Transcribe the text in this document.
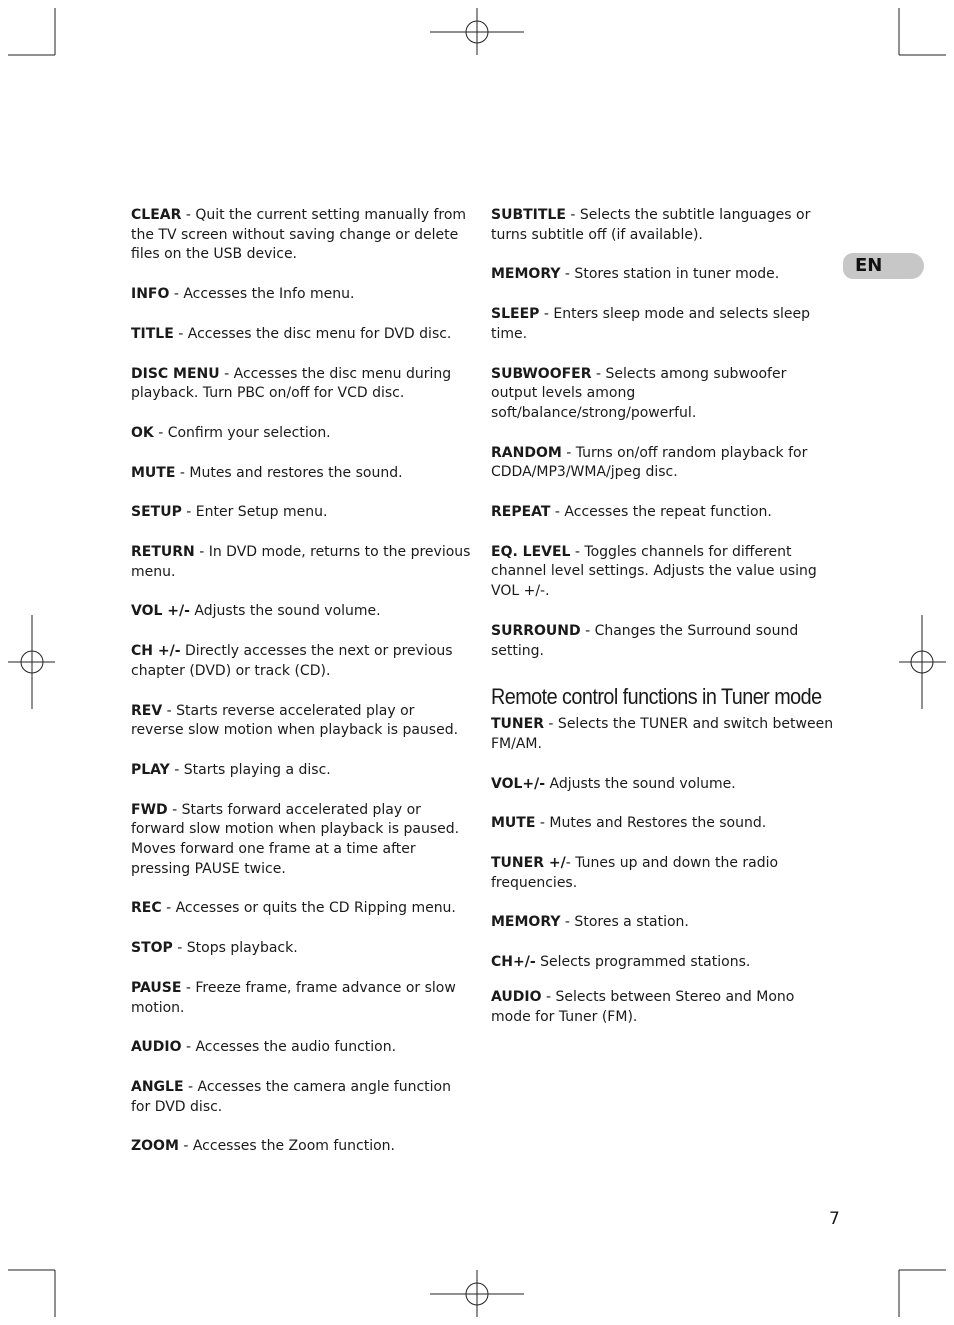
CLEAR - Quit the current setting manually from the TV screen without saving change or delete files on the USB device.
INFO - Accesses the Info menu.
TITLE - Accesses the disc menu for DVD disc.
DISC MENU - Accesses the disc menu during playback. Turn PBC on/off for VCD disc.
OK - Confirm your selection.
MUTE - Mutes and restores the sound.
SETUP - Enter Setup menu.
RETURN - In DVD mode, returns to the previous menu.
VOL +/- Adjusts the sound volume.
CH +/- Directly accesses the next or previous chapter (DVD) or track (CD).
REV - Starts reverse accelerated play or reverse slow motion when playback is paused.
PLAY - Starts playing a disc.
FWD - Starts forward accelerated play or forward slow motion when playback is paused. Moves forward one frame at a time after pressing PAUSE twice.
REC - Accesses or quits the CD Ripping menu.
STOP - Stops playback.
PAUSE - Freeze frame, frame advance or slow motion.
AUDIO - Accesses the audio function.
ANGLE - Accesses the camera angle function for DVD disc.
ZOOM - Accesses the Zoom function.
SUBTITLE - Selects the subtitle languages or turns subtitle off (if available).
MEMORY - Stores station in tuner mode.
SLEEP - Enters sleep mode and selects sleep time.
SUBWOOFER - Selects among subwoofer output levels among soft/balance/strong/powerful.
RANDOM - Turns on/off random playback for CDDA/MP3/WMA/jpeg disc.
REPEAT - Accesses the repeat function.
EQ. LEVEL - Toggles channels for different channel level settings. Adjusts the value using VOL +/-.
SURROUND - Changes the Surround sound setting.
Remote control functions in Tuner mode
TUNER - Selects the TUNER and switch between FM/AM.
VOL+/- Adjusts the sound volume.
MUTE - Mutes and Restores the sound.
TUNER +/- Tunes up and down the radio frequencies.
MEMORY - Stores a station.
CH+/- Selects programmed stations.
AUDIO - Selects between Stereo and Mono mode for Tuner (FM).
EN
7
